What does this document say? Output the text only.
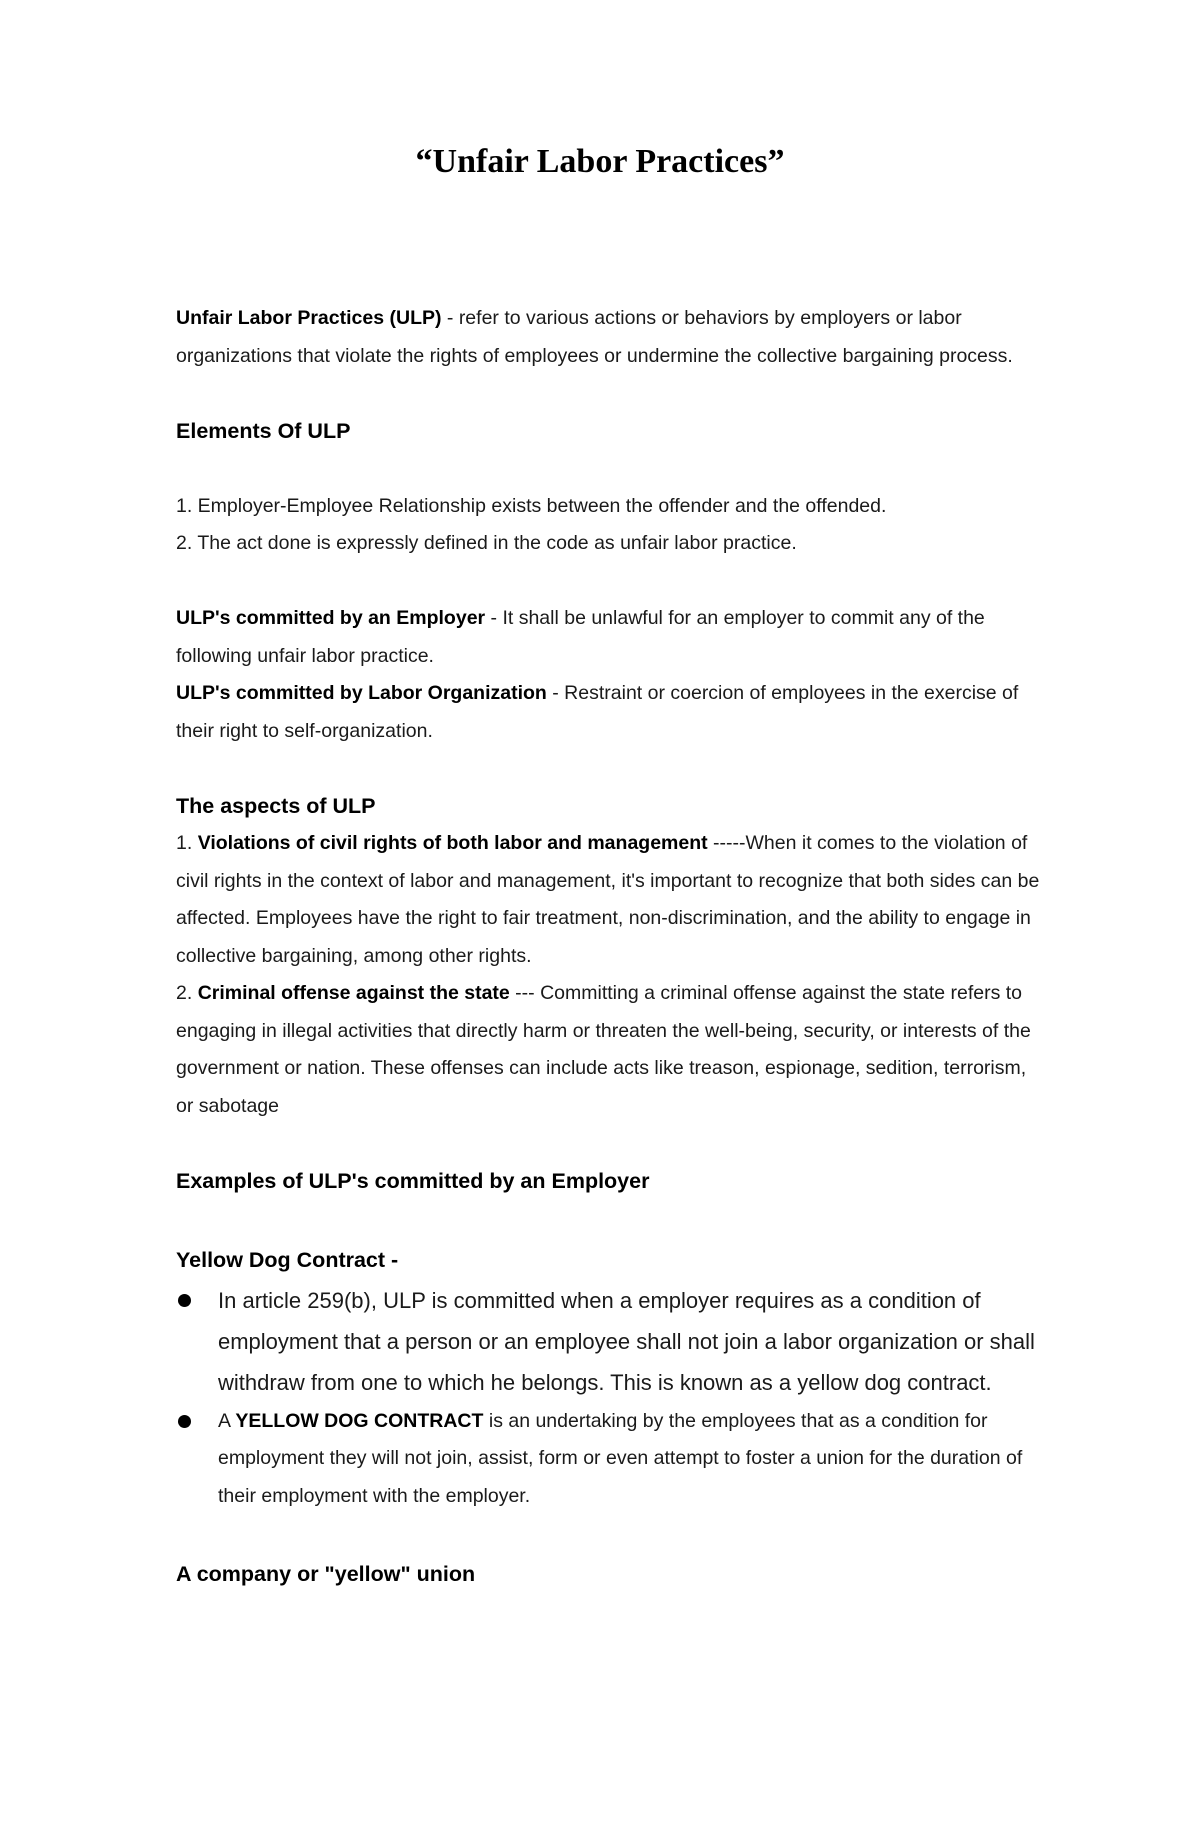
“Unfair Labor Practices”

Unfair Labor Practices (ULP) - refer to various actions or behaviors by employers or labor organizations that violate the rights of employees or undermine the collective bargaining process.

Elements Of ULP

1. Employer-Employee Relationship exists between the offender and the offended.

2. The act done is expressly defined in the code as unfair labor practice.

ULP's committed by an Employer - It shall be unlawful for an employer to commit any of the following unfair labor practice.

ULP's committed by Labor Organization - Restraint or coercion of employees in the exercise of their right to self-organization.

The aspects of ULP

1. Violations of civil rights of both labor and management -----When it comes to the violation of civil rights in the context of labor and management, it's important to recognize that both sides can be affected. Employees have the right to fair treatment, non-discrimination, and the ability to engage in collective bargaining, among other rights.

2. Criminal offense against the state --- Committing a criminal offense against the state refers to engaging in illegal activities that directly harm or threaten the well-being, security, or interests of the government or nation. These offenses can include acts like treason, espionage, sedition, terrorism, or sabotage

Examples of ULP's committed by an Employer

Yellow Dog Contract -

In article 259(b), ULP is committed when a employer requires as a condition of employment that a person or an employee shall not join a labor organization or shall withdraw from one to which he belongs. This is known as a yellow dog contract.
A YELLOW DOG CONTRACT is an undertaking by the employees that as a condition for employment they will not join, assist, form or even attempt to foster a union for the duration of their employment with the employer.

A company or "yellow" union
